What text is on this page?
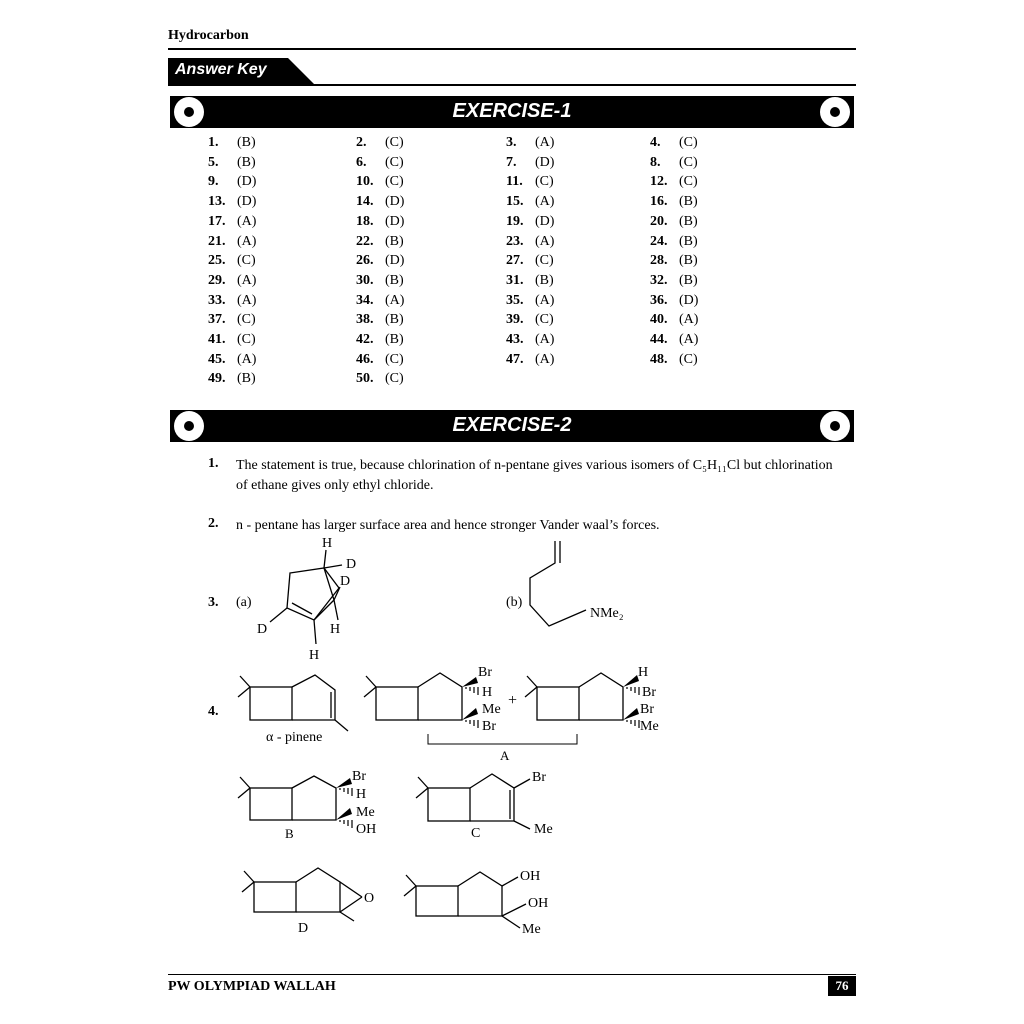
Hydrocarbon
Answer Key
EXERCISE-1
1. (B)	2. (C)	3. (A)	4. (C)
5. (B)	6. (C)	7. (D)	8. (C)
9. (D)	10. (C)	11. (C)	12. (C)
13. (D)	14. (D)	15. (A)	16. (B)
17. (A)	18. (D)	19. (D)	20. (B)
21. (A)	22. (B)	23. (A)	24. (B)
25. (C)	26. (D)	27. (C)	28. (B)
29. (A)	30. (B)	31. (B)	32. (B)
33. (A)	34. (A)	35. (A)	36. (D)
37. (C)	38. (B)	39. (C)	40. (A)
41. (C)	42. (B)	43. (A)	44. (A)
45. (A)	46. (C)	47. (A)	48. (C)
49. (B)	50. (C)
EXERCISE-2
1. The statement is true, because chlorination of n-pentane gives various isomers of C₅H₁₁Cl but chlorination
of ethane gives only ethyl chloride.
2. n - pentane has larger surface area and hence stronger Vander waal’s forces.
3. (a)	(b)
4.
H
D
D
D	H
H
NMe₂
α - pinene
Br
H
Me
Br
+
H
Br
Br
Me
A
Br
H
Me
OH
B
Br
Me
C
O
D
OH
OH
Me
PW OLYMPIAD WALLAH	76
